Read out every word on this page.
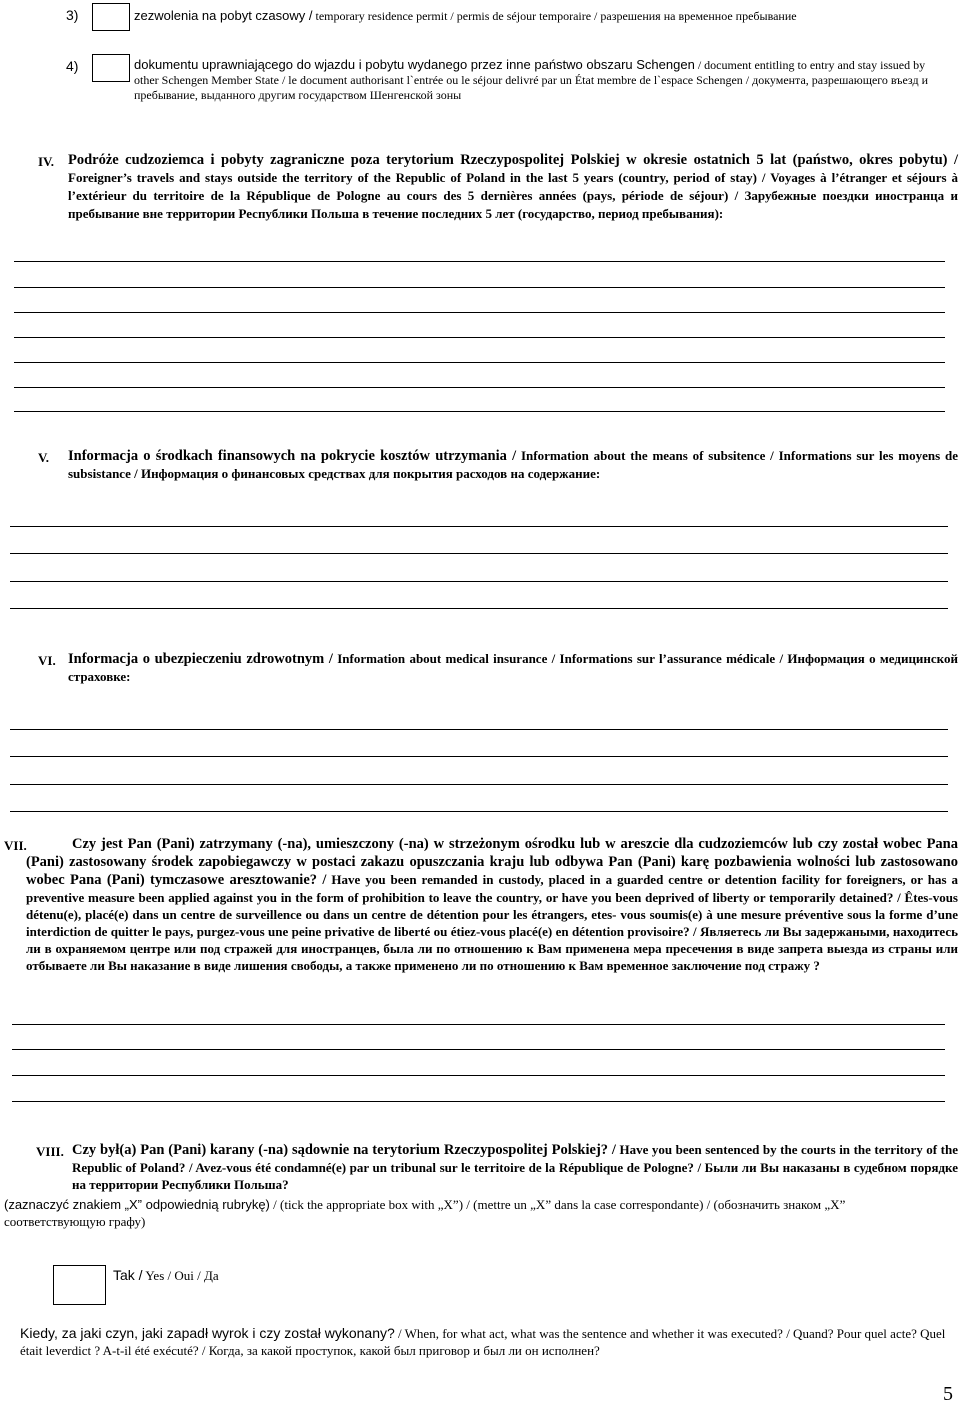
3)	zezwolenia na pobyt czasowy / temporary residence permit / permis de séjour temporaire / разрешения на временное пребывание
4)	dokumentu uprawniającego do wjazdu i pobytu wydanego przez inne państwo obszaru Schengen / document entitling to entry and stay issued by other Schengen Member State / le document authorisant l`entrée ou le séjour delivré par un État membre de l`espace Schengen / документа, разрешающего въезд и пребывание, выданного другим государством Шенгенской зоны
IV. Podróże cudzoziemca i pobyty zagraniczne poza terytorium Rzeczypospolitej Polskiej w okresie ostatnich 5 lat (państwo, okres pobytu) / Foreigner’s travels and stays outside the territory of the Republic of Poland in the last 5 years (country, period of stay) / Voyages à l’étranger et séjours à l’extérieur du territoire de la République de Pologne au cours des 5 dernières années (pays, période de séjour) / Зарубежные поездки иностранца и пребывание вне территории Республики Польша в течение последних 5 лет (государство, период пребывания):
V. Informacja o środkach finansowych na pokrycie kosztów utrzymania / Information about the means of subsitence / Informations sur les moyens de subsistance / Информация о финансовых средствах для покрытия расходов на содержание:
VI. Informacja o ubezpieczeniu zdrowotnym / Information about medical insurance / Informations sur l’assurance médicale / Информация о медицинской страховке:
VII.	Czy jest Pan (Pani) zatrzymany (-na), umieszczony (-na) w strzeżonym ośrodku lub w areszcie dla cudzoziemców lub czy został wobec Pana (Pani) zastosowany środek zapobiegawczy w postaci zakazu opuszczania kraju lub odbywa Pan (Pani) karę pozbawienia wolności lub zastosowano wobec Pana (Pani) tymczasowe aresztowanie? / Have you been remanded in custody, placed in a guarded centre or detention facility for foreigners, or has a preventive measure been applied against you in the form of prohibition to leave the country, or have you been deprived of liberty or temporarily detained? / Êtes-vous détenu(e), placé(e) dans un centre de surveillence ou dans un centre de détention pour les étrangers, etes- vous soumis(e) à une mesure préventive sous la forme d’une interdiction de quitter le pays, purgez-vous une peine privative de liberté ou étiez-vous placé(e) en détention provisoire? / Являетесь ли Вы задержаными, находитесь ли в охраняемом центре или под стражей для иностранцев, была ли по отношению к Вам применена мера пресечения в виде запрета выезда из страны или отбываете ли Вы наказание в виде лишения свободы, а также применено ли по отношению к Вам временное заключение под стражу ?
VIII. Czy był(a) Pan (Pani) karany (-na) sądownie na terytorium Rzeczypospolitej Polskiej? / Have you been sentenced by the courts in the territory of the Republic of Poland? / Avez-vous été condamné(e) par un tribunal sur le territoire de la République de Pologne? / Были ли Вы наказаны в судебном порядке на территории Республики Польша?
(zaznaczyć znakiem „X” odpowiednią rubrykę) / (tick the appropriate box with „X”) / (mettre un „X” dans la case correspondante) / (обозначить знаком „X” соответствующую графу)
Tak / Yes / Oui / Да
Kiedy, za jaki czyn, jaki zapadł wyrok i czy został wykonany? / When, for what act, what was the sentence and whether it was executed? / Quand? Pour quel acte? Quel était leverdict ? A-t-il été exécuté? / Когда, за какой проступок, какой был приговор и был ли он исполнен?
5
